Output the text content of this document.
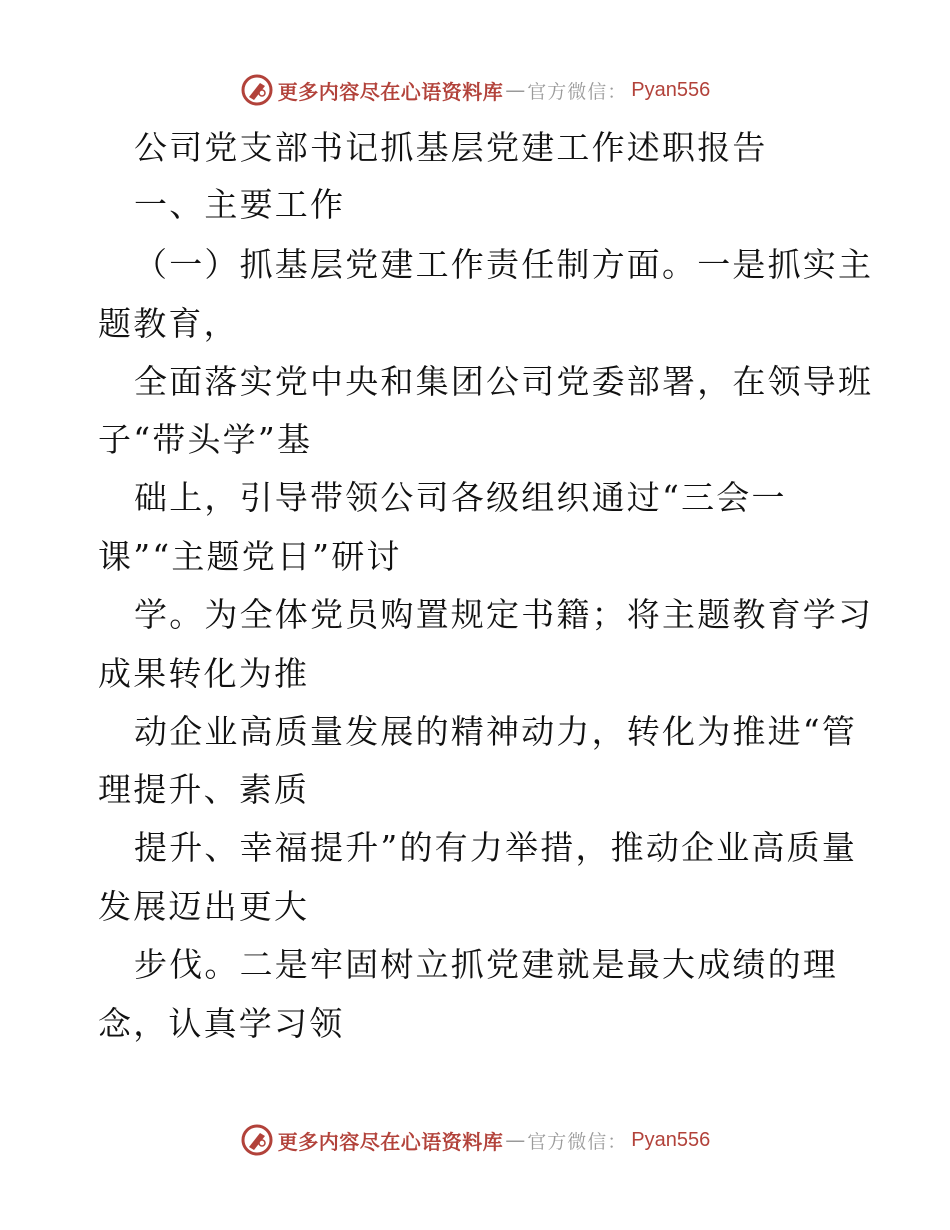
更多内容尽在心语资料库 — 官方微信： Pyan556
公司党支部书记抓基层党建工作述职报告
一、主要工作
（一）抓基层党建工作责任制方面。一是抓实主
题教育，
全面落实党中央和集团公司党委部署，在领导班
子“带头学”基
础上，引导带领公司各级组织通过“三会一
课”“主题党日”研讨
学。为全体党员购置规定书籍；将主题教育学习
成果转化为推
动企业高质量发展的精神动力，转化为推进“管
理提升、素质
提升、幸福提升”的有力举措，推动企业高质量
发展迈出更大
步伐。二是牢固树立抓党建就是最大成绩的理
念，认真学习领
更多内容尽在心语资料库 — 官方微信： Pyan556
